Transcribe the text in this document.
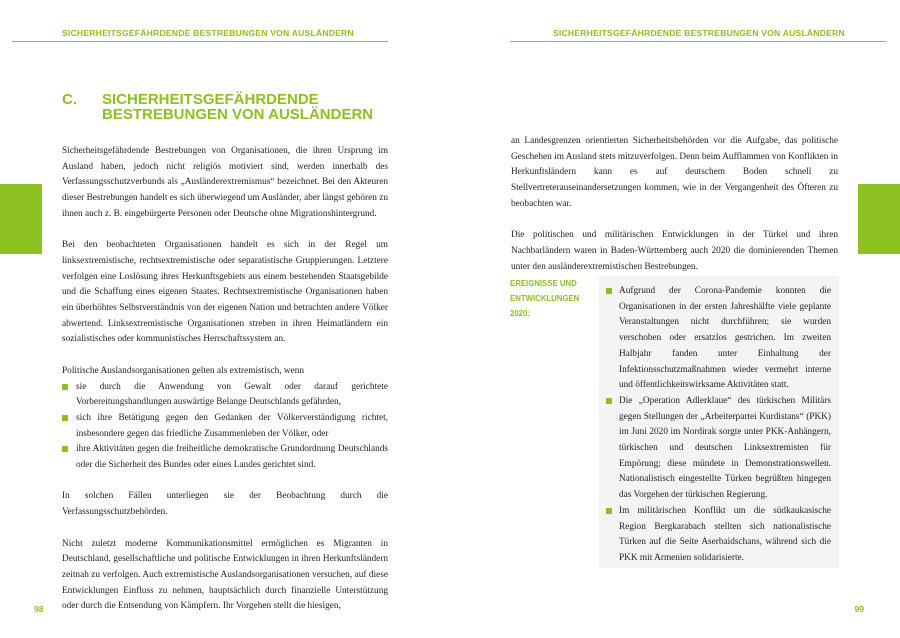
SICHERHEITSGEFÄHRDENDE BESTREBUNGEN VON AUSLÄNDERN
C. SICHERHEITSGEFÄHRDENDE BESTREBUNGEN VON AUSLÄNDERN

Sicherheitsgefährdende Bestrebungen von Organisationen, die ihren Ursprung im Ausland haben, jedoch nicht religiös motiviert sind, werden innerhalb des Verfassungsschutzverbunds als „Ausländerextremismus“ bezeichnet. Bei den Akteuren dieser Bestrebungen handelt es sich überwiegend um Ausländer, aber längst gehören zu ihnen auch z. B. eingebürgerte Personen oder Deutsche ohne Migrationshintergrund.

Bei den beobachteten Organisationen handelt es sich in der Regel um linksextremistische, rechtsextremistische oder separatistische Gruppierungen. Letztere verfolgen eine Loslösung ihres Herkunftsgebiets aus einem bestehenden Staatsgebilde und die Schaffung eines eigenen Staates. Rechtsextremistische Organisationen haben ein überhöhtes Selbstverständnis von der eigenen Nation und betrachten andere Völker abwertend. Linksextremistische Organisationen streben in ihren Heimatländern ein sozialistisches oder kommunistisches Herrschaftssystem an.

Politische Auslandsorganisationen gelten als extremistisch, wenn

sie durch die Anwendung von Gewalt oder darauf gerichtete Vorbereitungshandlungen auswärtige Belange Deutschlands gefährden,
sich ihre Betätigung gegen den Gedanken der Völkerverständigung richtet, insbesondere gegen das friedliche Zusammenleben der Völker, oder
ihre Aktivitäten gegen die freiheitliche demokratische Grundordnung Deutschlands oder die Sicherheit des Bundes oder eines Landes gerichtet sind.

In solchen Fällen unterliegen sie der Beobachtung durch die Verfassungsschutzbehörden.

Nicht zuletzt moderne Kommunikationsmittel ermöglichen es Migranten in Deutschland, gesellschaftliche und politische Entwicklungen in ihren Herkunftsländern zeitnah zu verfolgen. Auch extremistische Auslandsorganisationen versuchen, auf diese Entwicklungen Einfluss zu nehmen, hauptsächlich durch finanzielle Unterstützung oder durch die Entsendung von Kämpfern. Ihr Vorgehen stellt die hiesigen,

98
SICHERHEITSGEFÄHRDENDE BESTREBUNGEN VON AUSLÄNDERN

an Landesgrenzen orientierten Sicherheitsbehörden vor die Aufgabe, das politische Geschehen im Ausland stets mitzuverfolgen. Denn beim Aufflammen von Konflikten in Herkunftsländern kann es auf deutschem Boden schnell zu Stellvertreterauseinandersetzungen kommen, wie in der Vergangenheit des Öfteren zu beobachten war.

Die politischen und militärischen Entwicklungen in der Türkei und ihren Nachbarländern waren in Baden-Württemberg auch 2020 die dominierenden Themen unter den ausländerextremistischen Bestrebungen.

EREIGNISSE UND ENTWICKLUNGEN 2020:
Aufgrund der Corona-Pandemie konnten die Organisationen in der ersten Jahreshälfte viele geplante Veranstaltungen nicht durchführen; sie wurden verschoben oder ersatzlos gestrichen. Im zweiten Halbjahr fanden unter Einhaltung der Infektionsschutzmaßnahmen wieder vermehrt interne und öffentlichkeitswirksame Aktivitäten statt.
Die „Operation Adlerklaue“ des türkischen Militärs gegen Stellungen der „Arbeiterpartei Kurdistans“ (PKK) im Juni 2020 im Nordirak sorgte unter PKK-Anhängern, türkischen und deutschen Linksextremisten für Empörung; diese mündete in Demonstrationswellen. Nationalistisch eingestellte Türken begrüßten hingegen das Vorgehen der türkischen Regierung.
Im militärischen Konflikt um die südkaukasische Region Bergkarabach stellten sich nationalistische Türken auf die Seite Aserbaidschans, während sich die PKK mit Armenien solidarisierte.
99
